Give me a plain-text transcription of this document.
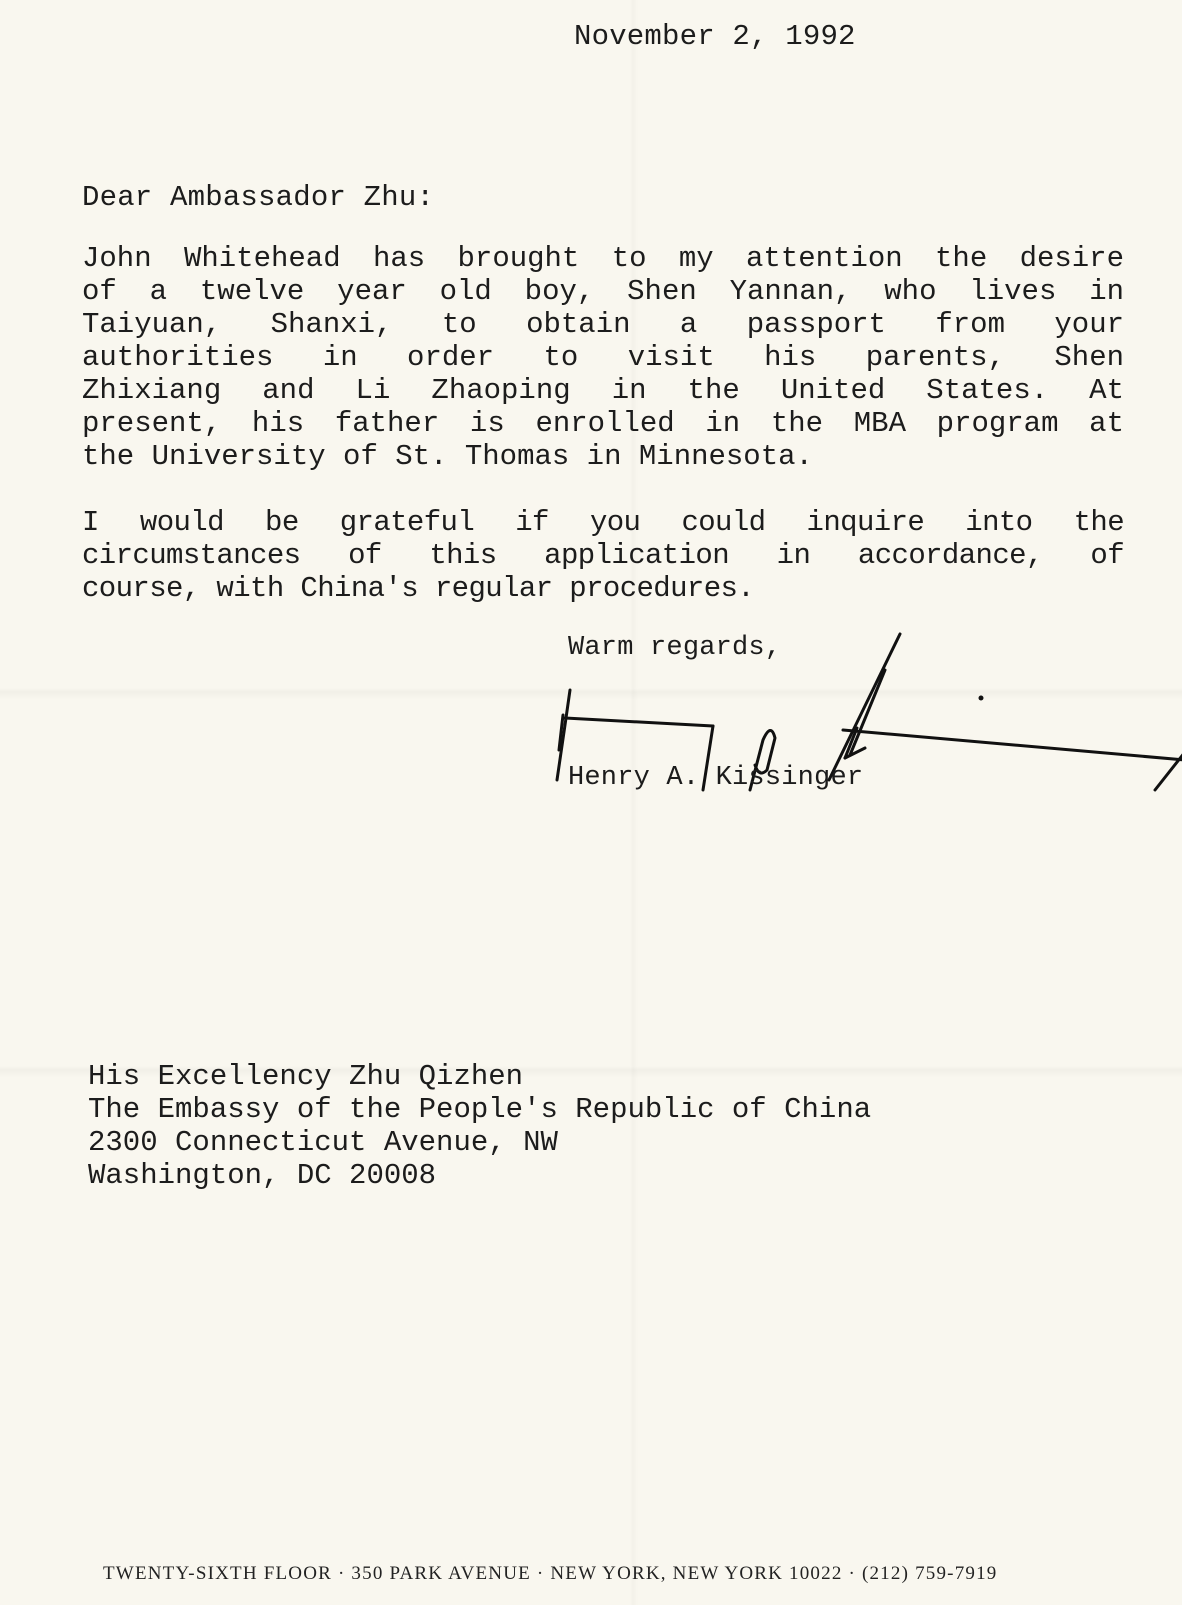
November 2, 1992
Dear Ambassador Zhu:
John Whitehead has brought to my attention the desire
of a twelve year old boy, Shen Yannan, who lives in
Taiyuan, Shanxi, to obtain a passport from your
authorities in order to visit his parents, Shen
Zhixiang and Li Zhaoping in the United States. At
present, his father is enrolled in the MBA program at
the University of St. Thomas in Minnesota.
I would be grateful if you could inquire into the
circumstances of this application in accordance, of
course, with China's regular procedures.
Warm regards,
Henry A. Kissinger
His Excellency Zhu Qizhen
The Embassy of the People's Republic of China
2300 Connecticut Avenue, NW
Washington, DC 20008
TWENTY-SIXTH FLOOR · 350 PARK AVENUE · NEW YORK, NEW YORK 10022 · (212) 759-7919
